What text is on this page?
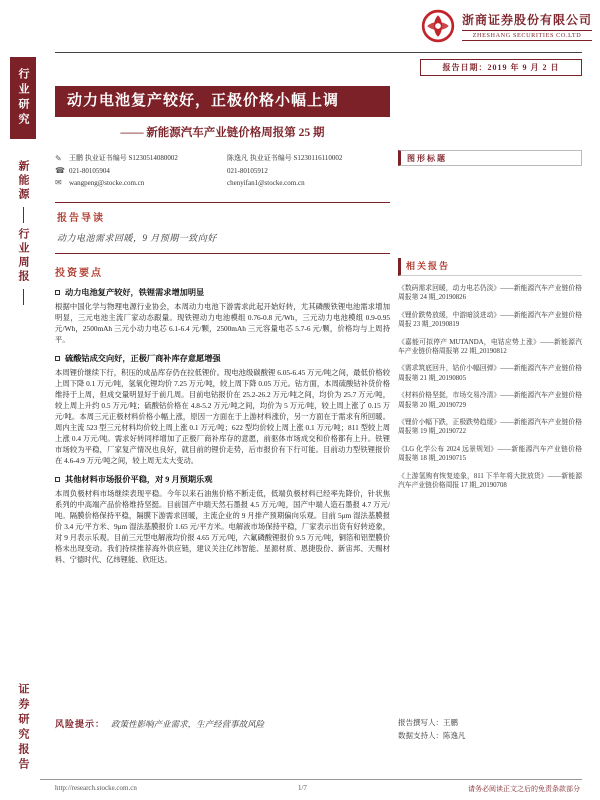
行业研究
新能源
行业周报
证券研究报告
浙商证券股份有限公司
ZHESHANG SECURITIES CO.LTD
报告日期：2019 年 9 月 2 日
动力电池复产较好，正极价格小幅上调
—— 新能源汽车产业链价格周报第 25 期
✎	王鹏 执业证书编号 S1230514080002	陈逸凡 执业证书编号 S1230116110002
☎ 021-80105904	021-80105912
✉	wangpeng@stocke.com.cn	chenyifan1@stocke.com.cn
报告导读
动力电池需求回暖，9 月预期一致向好
投资要点
动力电池复产较好，铁锂需求增加明显
根据中国化学与物理电源行业协会，本周动力电池下游需求此起开始好转，尤其磷酸铁锂电池需求增加明显，三元电池主流厂家动态跟量。现铁锂动力电池模组 0.76-0.8 元/Wh，三元动力电池模组 0.9-0.95 元/Wh，2500mAh 三元小动力电芯 6.1-6.4 元/颗，2500mAh 三元容量电芯 5.7-6 元/颗，价格均与上周持平。
硫酸钴成交向好，正极厂商补库存意愿增强
本周锂价继续下行，积压的成品库存仍在拉低锂价。现电池级碳酸锂 6.05-6.45 万元/吨之间，最低价格较上周下降 0.1 万元/吨，氢氧化锂均价 7.25 万元/吨，较上周下降 0.05 万元。钴方面，本周硫酸钴补货价格维持于上周，但成交量明显好于前几周。目前电钴报价在 25.2-26.2 万元/吨之间，均价为 25.7 万元/吨，较上周上升约 0.5 万元/吨；硫酸钴价格在 4.8-5.2 万元/吨之间，均价为 5 万元/吨，较上周上涨了 0.15 万元/吨。本周三元正极材料价格小幅上涨，原因一方面在于上游材料涨价，另一方面在于需求有所回暖。周内主流 523 型三元材料均价较上周上涨 0.1 万元/吨；622 型均价较上周上涨 0.1 万元/吨；811 型较上周上涨 0.4 万元/吨。需求好转同样增加了正极厂商补库存的意愿，前驱体市场成交和价格都有上升。铁锂市场较为平稳，厂家复产情况也良好，就目前的锂价走势，后市报价有下行可能。目前动力型铁锂报价在 4.6-4.9 万元/吨之间，较上周无太大变动。
其他材料市场报价平稳，对 9 月预期乐观
本周负极材料市场继续表现平稳。今年以来石油焦价格不断走低，低端负极材料已经率先降价，针状焦系列的中高端产品价格维持坚挺。目前国产中端天然石墨报 4.5 万元/吨，国产中端人造石墨报 4.7 万元/吨。隔膜价格保持平稳，隔膜下游需求回暖，主流企业的 9 月排产预期偏向乐观。目前 5μm 湿法基膜报价 3.4 元/平方米、9μm 湿法基膜报价 1.65 元/平方米。电解液市场保持平稳，厂家表示出货有好转迹象，对 9 月表示乐观。目前三元型电解液均价报 4.65 万元/吨，六氟磷酸锂报价 9.5 万元/吨，铜箔和铝塑膜价格未出现变动。我们持续推荐海外供应链，建议关注亿纬智能、星源材质、恩捷股份、新宙邦、天赐材料、宁德时代、亿纬锂能、欣旺达。
风险提示： 政策性影响产业需求，生产经营事故风险
图形标题
相关报告
《数码需求回暖，动力电芯仍淡》——新能源汽车产业链价格周报第 24 期_20190826
《锂价跌势放缓，中游暗淡进动》——新能源汽车产业链价格周报 23 期_20190819
《嘉能可拟停产 MUTANDA，电钴应势上涨》——新能源汽车产业链价格周报第 22 期_20190812
《需求筑底回升，钴价小幅回弹》——新能源汽车产业链价格周报第 21 期_20190805
《材料价格坚挺，市场交易冷清》——新能源汽车产业链价格周报第 20 期_20190729
《锂价小幅下跌，正极跌势趋缓》——新能源汽车产业链价格周报第 19 期_20190722
《LG 化学公布 2024 远景规划》——新能源汽车产业链价格周报第 18 期_20190715
《上游氢购有恢复迹象，811 下半年将大批放货》——新能源汽车产业链价格周报 17 期_20190708
报告撰写人：王鹏
数据支持人：陈逸凡
http://research.stocke.com.cn	1/7	请务必阅读正文之后的免责条款部分
